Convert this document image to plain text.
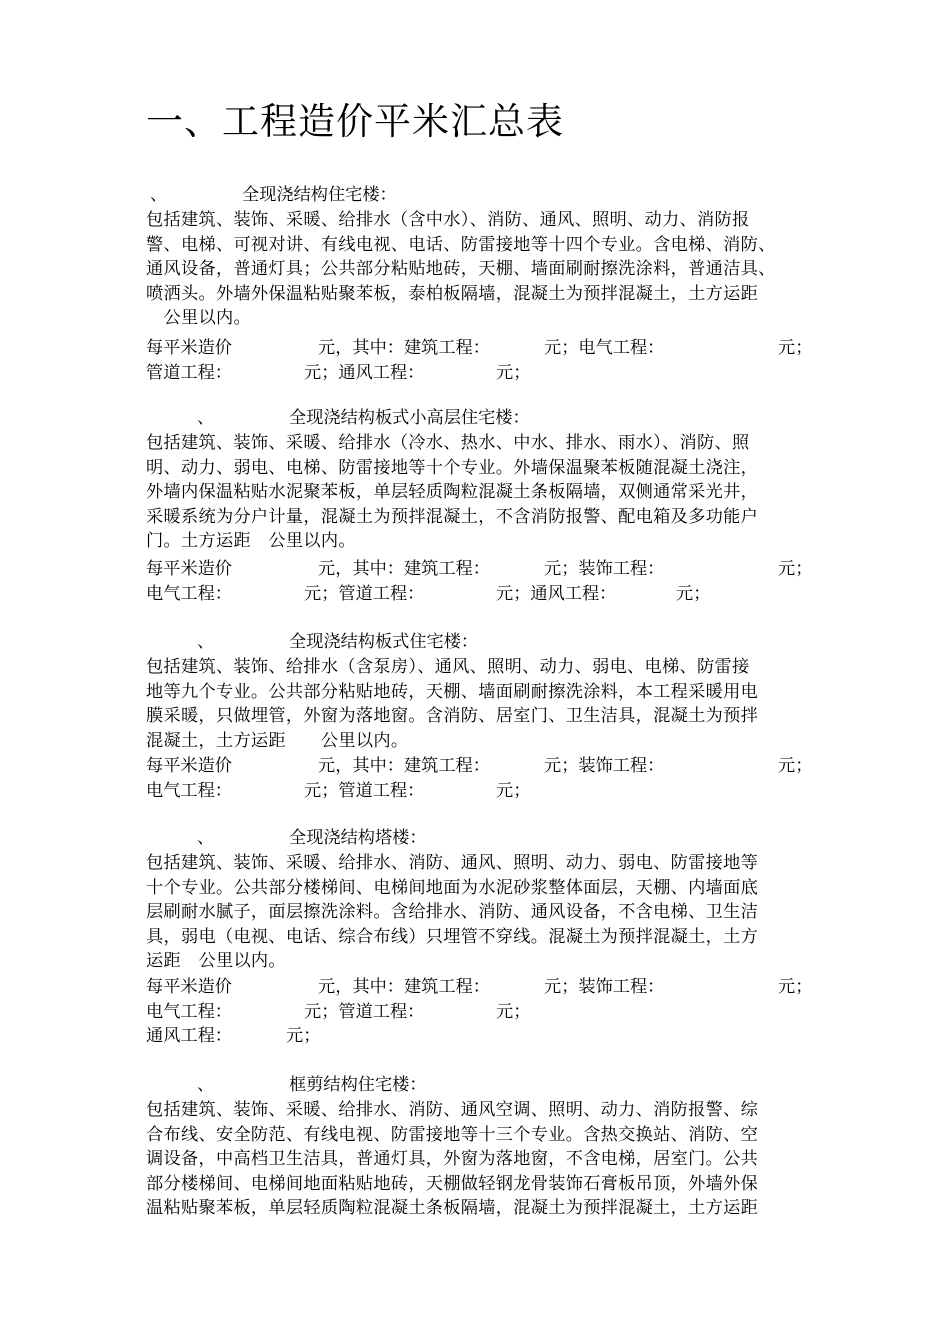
一、工程造价平米汇总表
、	全现浇结构住宅楼：
包括建筑、装饰、采暖、给排水（含中水）、消防、通风、照明、动力、消防报
警、电梯、可视对讲、有线电视、电话、防雷接地等十四个专业。含电梯、消防、
通风设备，普通灯具；公共部分粘贴地砖，天棚、墙面刷耐擦洗涂料，普通洁具、
喷洒头。外墙外保温粘贴聚苯板，泰柏板隔墙，混凝土为预拌混凝土，土方运距
　公里以内。
每平米造价	元，其中：建筑工程：	元；电气工程：	元；
管道工程：	元；通风工程：	元；
、	全现浇结构板式小高层住宅楼：
包括建筑、装饰、采暖、给排水（冷水、热水、中水、排水、雨水）、消防、照
明、动力、弱电、电梯、防雷接地等十个专业。外墙保温聚苯板随混凝土浇注，
外墙内保温粘贴水泥聚苯板，单层轻质陶粒混凝土条板隔墙，双侧通常采光井，
采暖系统为分户计量，混凝土为预拌混凝土，不含消防报警、配电箱及多功能户
门。土方运距　公里以内。
每平米造价	元，其中：建筑工程：	元；装饰工程：	元；
电气工程：	元；管道工程：	元；通风工程：	元；
、	全现浇结构板式住宅楼：
包括建筑、装饰、给排水（含泵房）、通风、照明、动力、弱电、电梯、防雷接
地等九个专业。公共部分粘贴地砖，天棚、墙面刷耐擦洗涂料，本工程采暖用电
膜采暖，只做埋管，外窗为落地窗。含消防、居室门、卫生洁具，混凝土为预拌
混凝土，土方运距　　公里以内。
每平米造价	元，其中：建筑工程：	元；装饰工程：	元；
电气工程：	元；管道工程：	元；
、	全现浇结构塔楼：
包括建筑、装饰、采暖、给排水、消防、通风、照明、动力、弱电、防雷接地等
十个专业。公共部分楼梯间、电梯间地面为水泥砂浆整体面层，天棚、内墙面底
层刷耐水腻子，面层擦洗涂料。含给排水、消防、通风设备，不含电梯、卫生洁
具，弱电（电视、电话、综合布线）只埋管不穿线。混凝土为预拌混凝土，土方
运距　公里以内。
每平米造价	元，其中：建筑工程：	元；装饰工程：	元；
电气工程：	元；管道工程：	元；
通风工程：	元；
、	框剪结构住宅楼：
包括建筑、装饰、采暖、给排水、消防、通风空调、照明、动力、消防报警、综
合布线、安全防范、有线电视、防雷接地等十三个专业。含热交换站、消防、空
调设备，中高档卫生洁具，普通灯具，外窗为落地窗，不含电梯，居室门。公共
部分楼梯间、电梯间地面粘贴地砖，天棚做轻钢龙骨装饰石膏板吊顶，外墙外保
温粘贴聚苯板，单层轻质陶粒混凝土条板隔墙，混凝土为预拌混凝土，土方运距
